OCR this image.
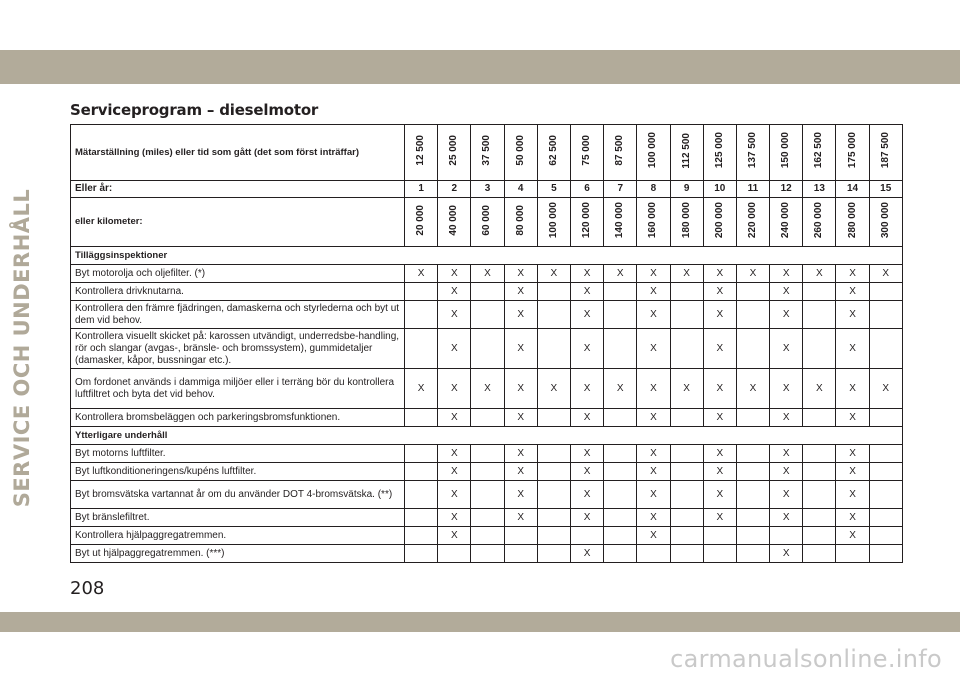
SERVICE OCH UNDERHÅLL
Serviceprogram – dieselmotor
Mätarställning (miles) eller tid som gått (det som först inträffar)	12 500	25 000	37 500	50 000	62 500	75 000	87 500	100 000	112 500	125 000	137 500	150 000	162 500	175 000	187 500
Eller år:	1	2	3	4	5	6	7	8	9	10	11	12	13	14	15
eller kilometer:	20 000	40 000	60 000	80 000	100 000	120 000	140 000	160 000	180 000	200 000	220 000	240 000	260 000	280 000	300 000
Tilläggsinspektioner															
Byt motorolja och oljefilter. (*)	X	X	X	X	X	X	X	X	X	X	X	X	X	X	X
Kontrollera drivknutarna.		X		X		X		X		X		X		X	
Kontrollera den främre fjädringen, damaskerna och styrlederna och byt ut dem vid behov.		X		X		X		X		X		X		X	
Kontrollera visuellt skicket på: karossen utvändigt, underredsbe-handling, rör och slangar (avgas-, bränsle- och bromssystem), gummidetaljer (damasker, kåpor, bussningar etc.).		X		X		X		X		X		X		X	
Om fordonet används i dammiga miljöer eller i terräng bör du kontrollera luftfiltret och byta det vid behov.	X	X	X	X	X	X	X	X	X	X	X	X	X	X	X
Kontrollera bromsbeläggen och parkeringsbromsfunktionen.		X		X		X		X		X		X		X	
Ytterligare underhåll															
Byt motorns luftfilter.		X		X		X		X		X		X		X	
Byt luftkonditioneringens/kupéns luftfilter.		X		X		X		X		X		X		X	
Byt bromsvätska vartannat år om du använder DOT 4-bromsvätska. (**)		X		X		X		X		X		X		X	
Byt bränslefiltret.		X		X		X		X		X		X		X	
Kontrollera hjälpaggregatremmen.		X						X						X	
Byt ut hjälpaggregatremmen. (***)						X						X			
208
carmanualsonline.info
